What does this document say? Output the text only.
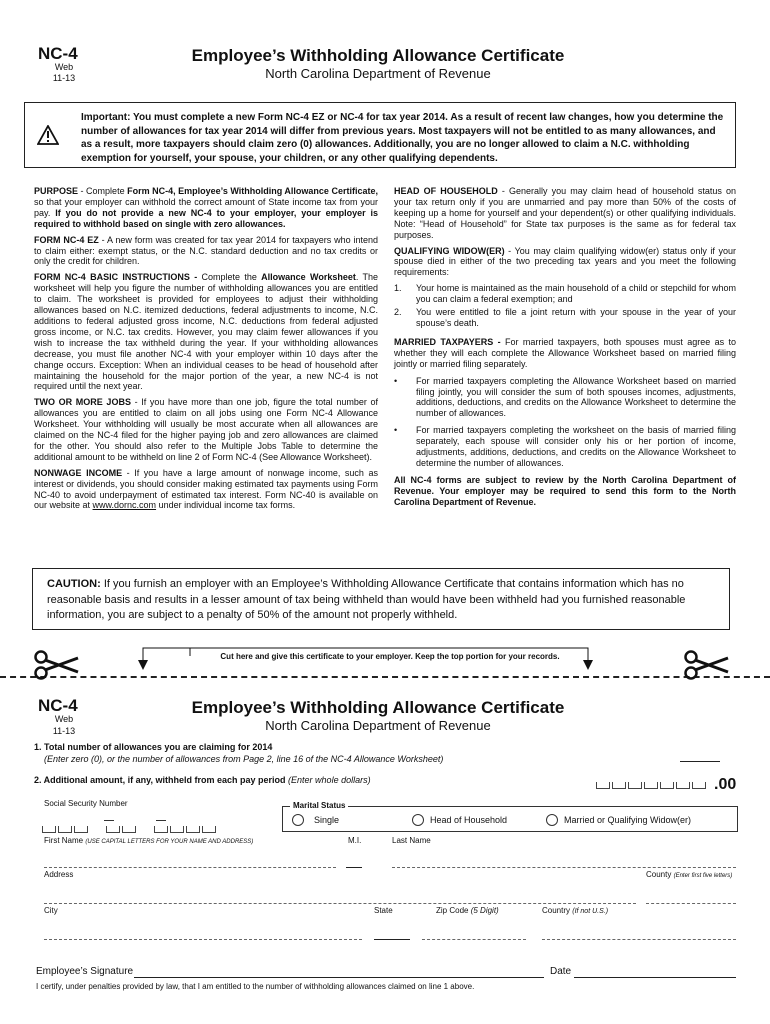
NC-4
Web
11-13
Employee’s Withholding Allowance Certificate
North Carolina Department of Revenue
Important: You must complete a new Form NC-4 EZ or NC-4 for tax year 2014. As a result of recent law changes, how you determine the number of allowances for tax year 2014 will differ from previous years. Most taxpayers will not be entitled to as many allowances, and as a result, more taxpayers should claim zero (0) allowances. Additionally, you are no longer allowed to claim a N.C. withholding exemption for yourself, your spouse, your children, or any other qualifying dependents.

PURPOSE - Complete Form NC-4, Employee’s Withholding Allowance Certificate, so that your employer can withhold the correct amount of State income tax from your pay. If you do not provide a new NC-4 to your employer, your employer is required to withhold based on single with zero allowances.

FORM NC-4 EZ - A new form was created for tax year 2014 for taxpayers who intend to claim either: exempt status, or the N.C. standard deduction and no tax credits or only the credit for children.

FORM NC-4 BASIC INSTRUCTIONS - Complete the Allowance Worksheet. The worksheet will help you figure the number of withholding allowances you are entitled to claim. The worksheet is provided for employees to adjust their withholding allowances based on N.C. itemized deductions, federal adjustments to income, N.C. additions to federal adjusted gross income, N.C. deductions from federal adjusted gross income, or N.C. tax credits. However, you may claim fewer allowances if you wish to increase the tax withheld during the year. If your withholding allowances decrease, you must file another NC-4 with your employer within 10 days after the change occurs. Exception: When an individual ceases to be head of household after maintaining the household for the major portion of the year, a new NC-4 is not required until the next year.

TWO OR MORE JOBS - If you have more than one job, figure the total number of allowances you are entitled to claim on all jobs using one Form NC-4 Allowance Worksheet. Your withholding will usually be most accurate when all allowances are claimed on the NC-4 filed for the higher paying job and zero allowances are claimed for the other. You should also refer to the Multiple Jobs Table to determine the additional amount to be withheld on line 2 of Form NC-4 (See Allowance Worksheet).

NONWAGE INCOME - If you have a large amount of nonwage income, such as interest or dividends, you should consider making estimated tax payments using Form NC-40 to avoid underpayment of estimated tax interest. Form NC-40 is available on our website at www.dornc.com under individual income tax forms.

HEAD OF HOUSEHOLD - Generally you may claim head of household status on your tax return only if you are unmarried and pay more than 50% of the costs of keeping up a home for yourself and your dependent(s) or other qualifying individuals. Note: “Head of Household” for State tax purposes is the same as for federal tax purposes.

QUALIFYING WIDOW(ER) - You may claim qualifying widow(er) status only if your spouse died in either of the two preceding tax years and you meet the following requirements:

1.	Your home is maintained as the main household of a child or stepchild for whom you can claim a federal exemption; and
2.	You were entitled to file a joint return with your spouse in the year of your spouse’s death.

MARRIED TAXPAYERS - For married taxpayers, both spouses must agree as to whether they will each complete the Allowance Worksheet based on married filing jointly or married filing separately.

•	For married taxpayers completing the Allowance Worksheet based on married filing jointly, you will consider the sum of both spouses incomes, adjustments, additions, deductions, and credits on the Allowance Worksheet to determine the number of allowances.
•	For married taxpayers completing the worksheet on the basis of married filing separately, each spouse will consider only his or her portion of income, adjustments, additions, deductions, and credits on the Allowance Worksheet to determine the number of allowances.

All NC-4 forms are subject to review by the North Carolina Department of Revenue. Your employer may be required to send this form to the North Carolina Department of Revenue.

CAUTION: If you furnish an employer with an Employee’s Withholding Allowance Certificate that contains information which has no reasonable basis and results in a lesser amount of tax being withheld than would have been withheld had you furnished reasonable information, you are subject to a penalty of 50% of the amount not properly withheld.
Cut here and give this certificate to your employer. Keep the top portion for your records.
NC-4
Web
11-13
Employee’s Withholding Allowance Certificate
North Carolina Department of Revenue
1. Total number of allowances you are claiming for 2014
(Enter zero (0), or the number of allowances from Page 2, line 16 of the NC-4 Allowance Worksheet)
2. Additional amount, if any, withheld from each pay period (Enter whole dollars)	.00
Social Security Number	Marital Status
Single	Head of Household	Married or Qualifying Widow(er)
First Name (USE CAPITAL LETTERS FOR YOUR NAME AND ADDRESS)	M.I.	Last Name
Address	County (Enter first five letters)
City	State	Zip Code (5 Digit)	Country (If not U.S.)
Employee’s Signature	Date
I certify, under penalties provided by law, that I am entitled to the number of withholding allowances claimed on line 1 above.
